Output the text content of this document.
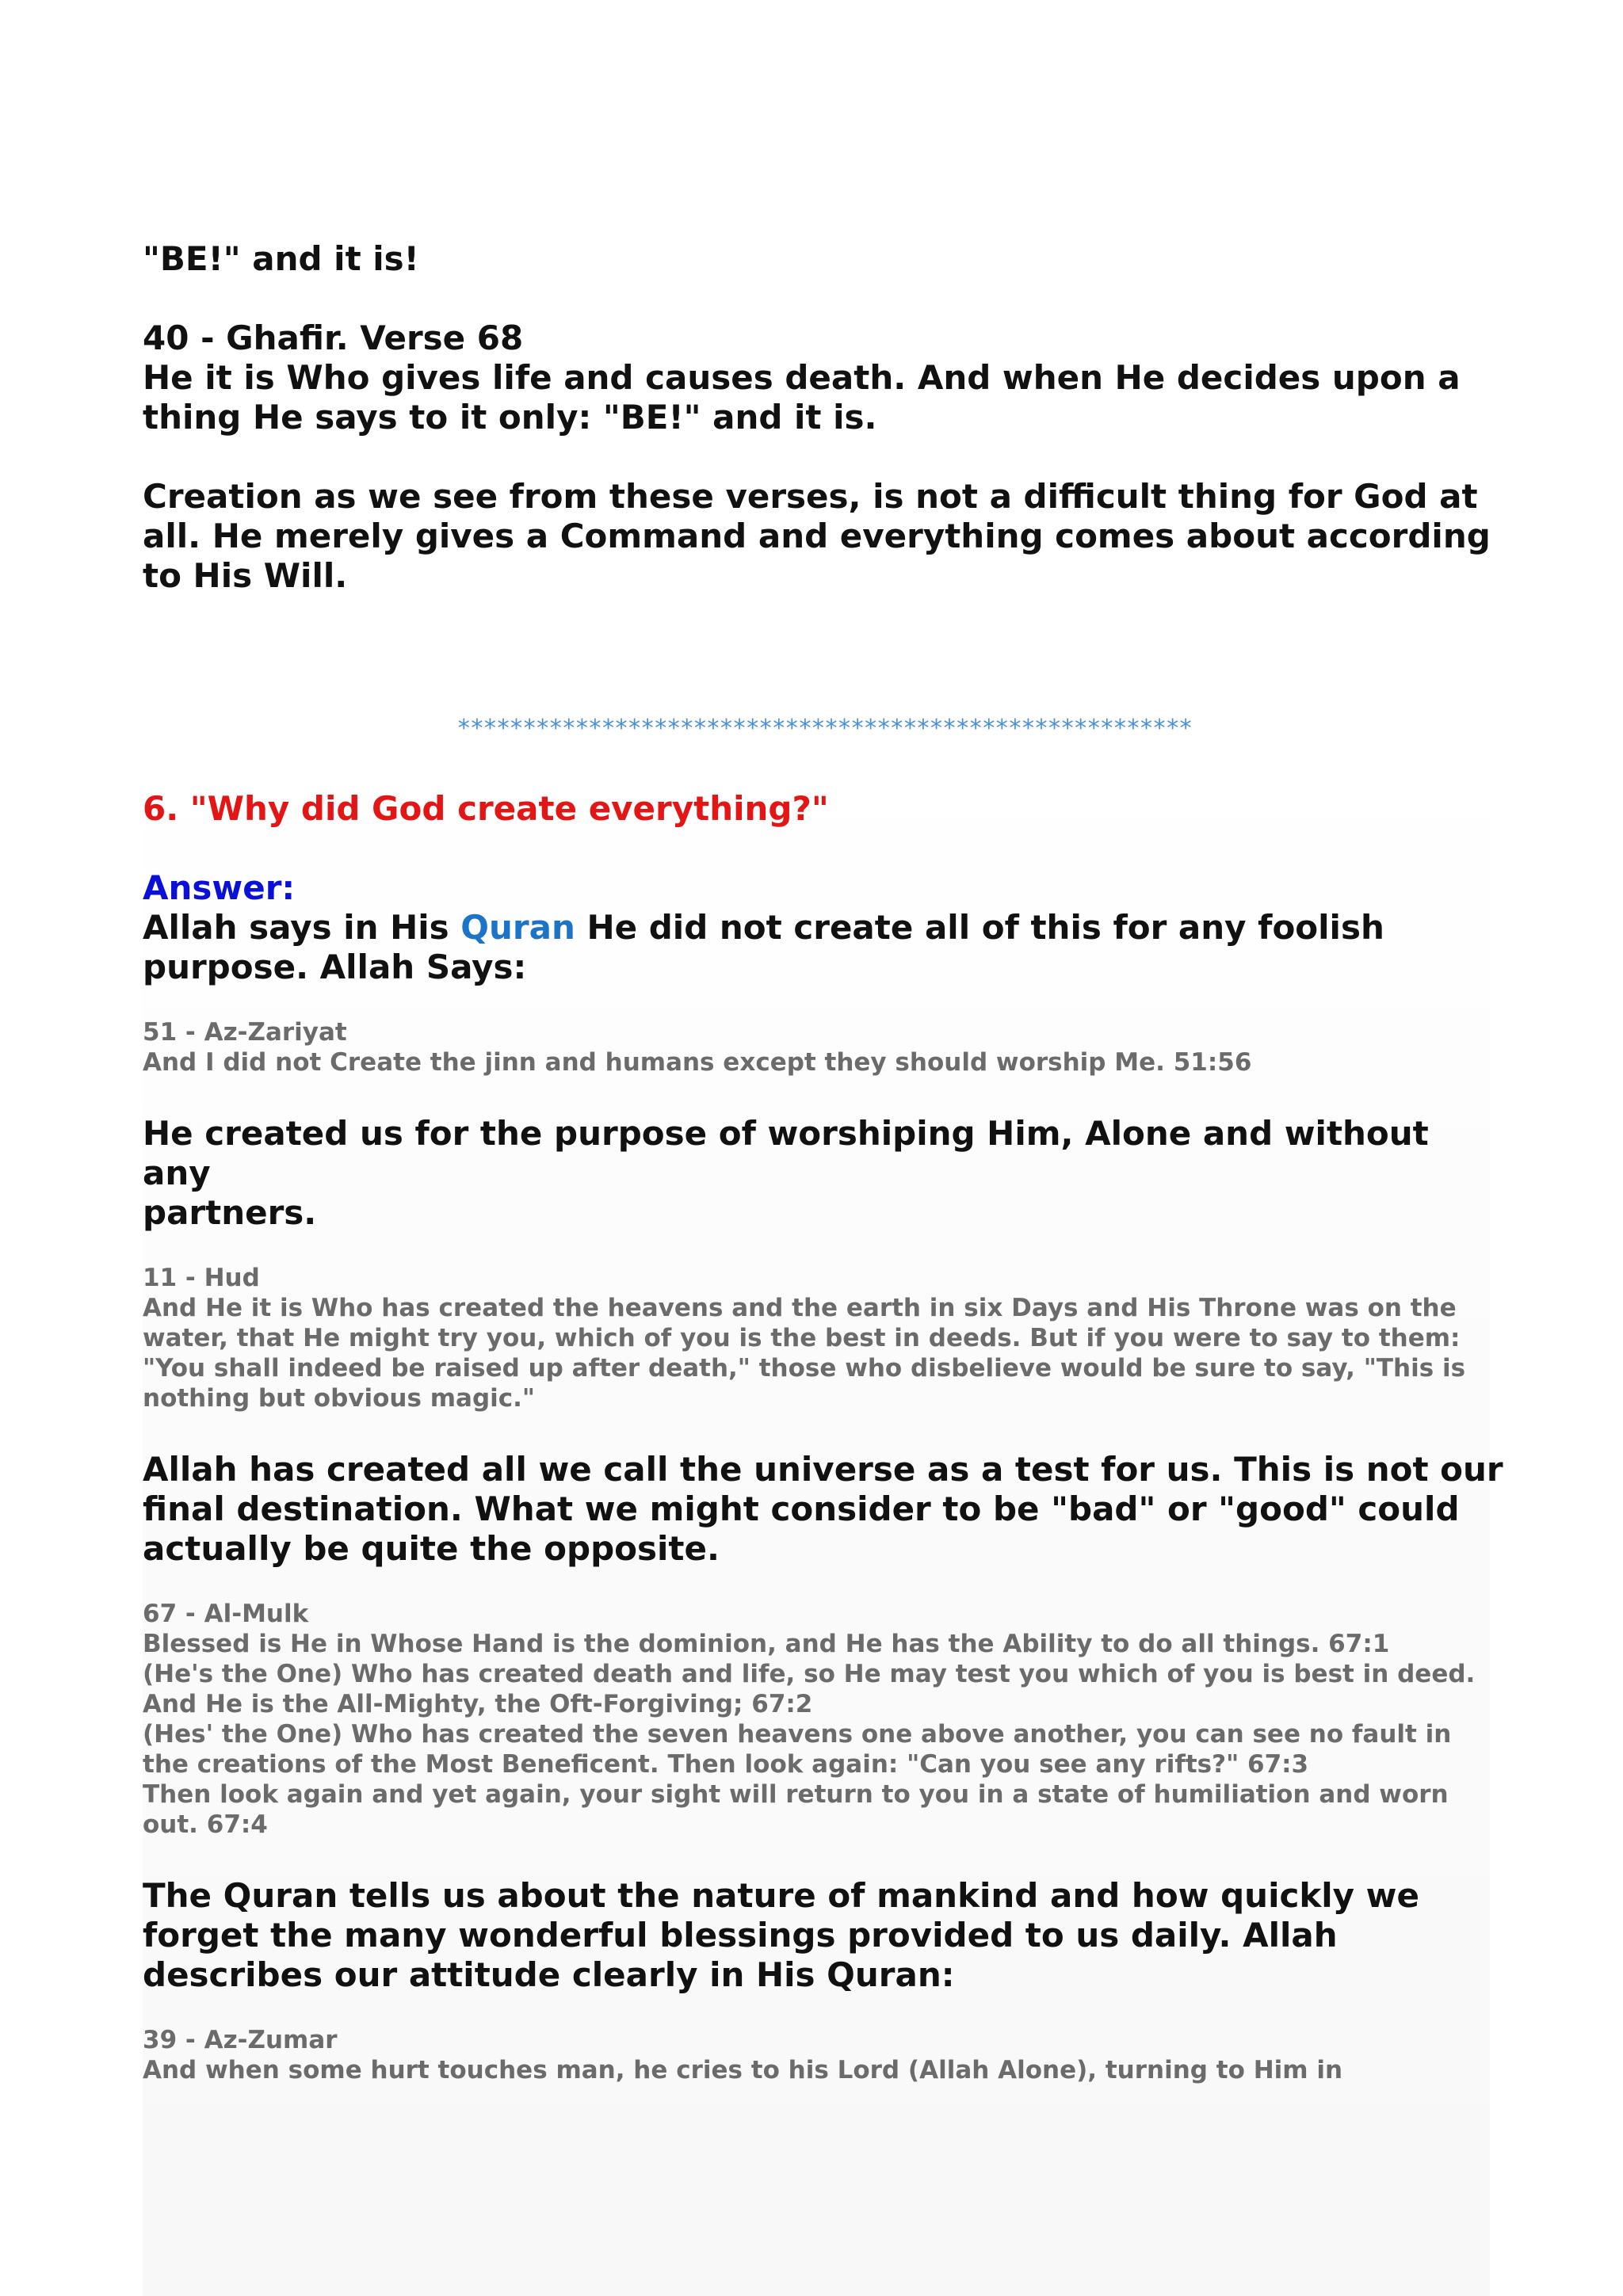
"BE!" and it is!

40 - Ghafir. Verse 68

He it is Who gives life and causes death. And when He decides upon a

thing He says to it only: "BE!" and it is.

Creation as we see from these verses, is not a difficult thing for God at

all. He merely gives a Command and everything comes about according

to His Will.

********************************************************

6. "Why did God create everything?"

Answer:

Allah says in His Quran He did not create all of this for any foolish

purpose. Allah Says:

51 - Az-Zariyat

And I did not Create the jinn and humans except they should worship Me. 51:56

He created us for the purpose of worshiping Him, Alone and without any

partners.

11 - Hud

And He it is Who has created the heavens and the earth in six Days and His Throne was on the

water, that He might try you, which of you is the best in deeds. But if you were to say to them:

"You shall indeed be raised up after death," those who disbelieve would be sure to say, "This is

nothing but obvious magic."

Allah has created all we call the universe as a test for us. This is not our

final destination. What we might consider to be "bad" or "good" could

actually be quite the opposite.

67 - Al-Mulk

Blessed is He in Whose Hand is the dominion, and He has the Ability to do all things. 67:1

(He's the One) Who has created death and life, so He may test you which of you is best in deed.

And He is the All-Mighty, the Oft-Forgiving; 67:2

(Hes' the One) Who has created the seven heavens one above another, you can see no fault in

the creations of the Most Beneficent. Then look again: "Can you see any rifts?" 67:3

Then look again and yet again, your sight will return to you in a state of humiliation and worn

out. 67:4

The Quran tells us about the nature of mankind and how quickly we

forget the many wonderful blessings provided to us daily. Allah

describes our attitude clearly in His Quran:

39 - Az-Zumar

And when some hurt touches man, he cries to his Lord (Allah Alone), turning to Him in
